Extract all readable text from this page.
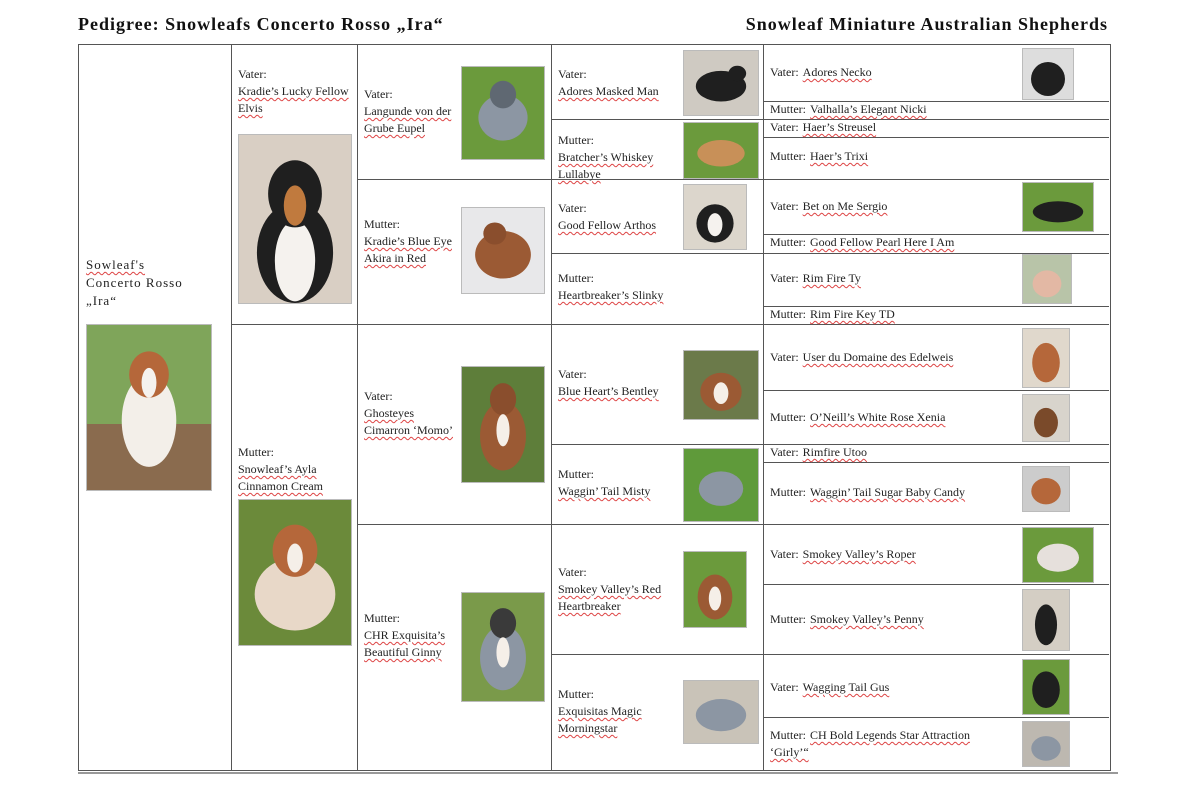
Pedigree: Snowleafs Concerto Rosso „Ira“	Snowleaf Miniature Australian Shepherds
Sowleaf's
Concerto Rosso
„Ira“
Vater:
Kradie’s Lucky Fellow Elvis
Mutter:
Snowleaf’s Ayla Cinnamon Cream
Vater:
Langunde von der Grube Eupel
Mutter:
Kradie’s Blue Eye Akira in Red
Vater:
Ghosteyes Cimarron ‘Momo’
Mutter:
CHR Exquisita’s Beautiful Ginny
Vater:
Adores Masked Man
Mutter:
Bratcher’s Whiskey Lullabye
Vater:
Good Fellow Arthos
Mutter:
Heartbreaker’s Slinky
Vater:
Blue Heart’s Bentley
Mutter:
Waggin’ Tail Misty
Vater:
Smokey Valley’s Red Heartbreaker
Mutter:
Exquisitas Magic Morningstar
Vater: Adores Necko
Mutter: Valhalla’s Elegant Nicki
Vater: Haer’s Streusel
Mutter: Haer’s Trixi
Vater: Bet on Me Sergio
Mutter: Good Fellow Pearl Here I Am
Vater: Rim Fire Ty
Mutter: Rim Fire Key TD
Vater: User du Domaine des Edelweis
Mutter: O’Neill’s White Rose Xenia
Vater: Rimfire Utoo
Mutter: Waggin’ Tail Sugar Baby Candy
Vater: Smokey Valley’s Roper
Mutter: Smokey Valley’s Penny
Vater: Wagging Tail Gus
Mutter: CH Bold Legends Star Attraction ‘Girly’“
